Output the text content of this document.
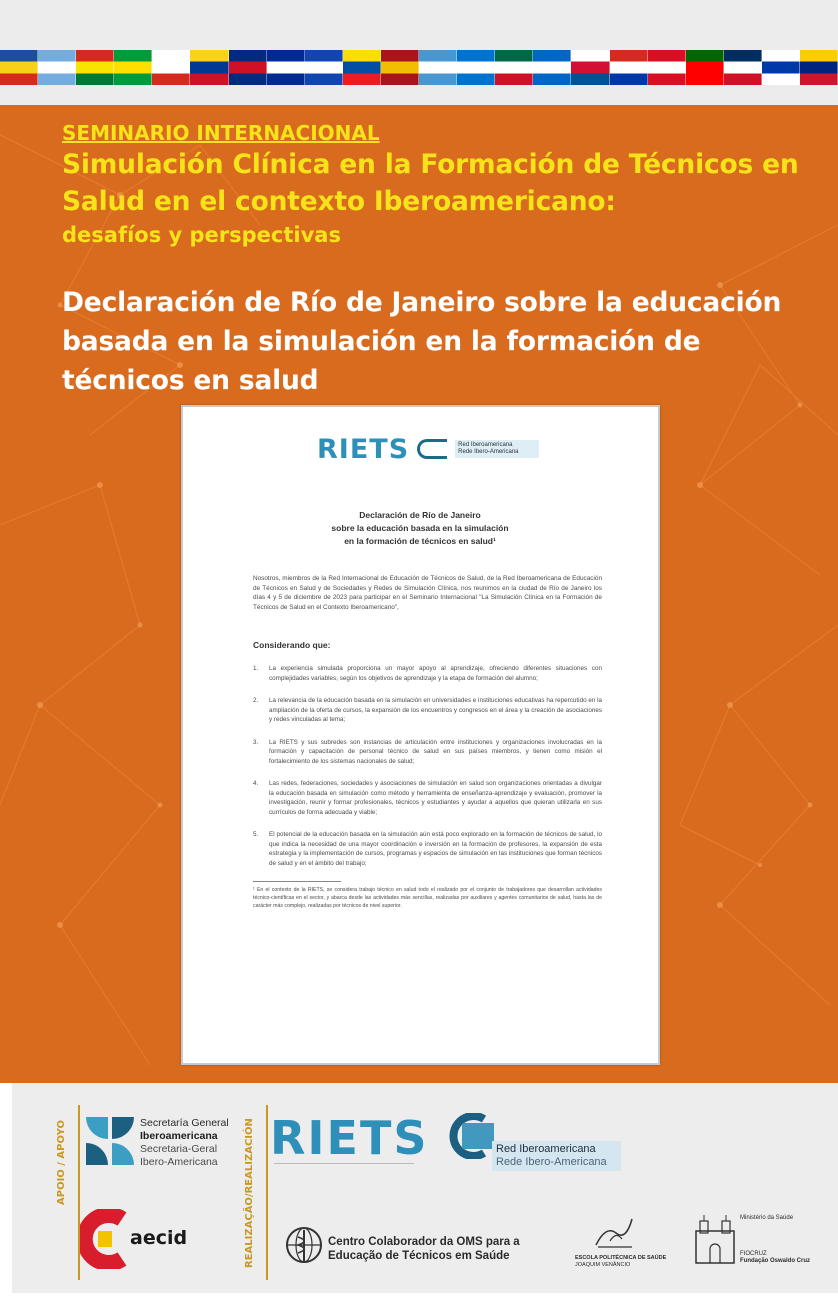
SEMINARIO INTERNACIONAL
Simulación Clínica en la Formación de Técnicos en
Salud en el contexto Iberoamericano:
desafíos y perspectivas
Declaración de Río de Janeiro sobre la educación
basada en la simulación en la formación de
técnicos en salud
RIETS	Red Iberoamericana
Rede Ibero-Americana
Declaración de Río de Janeiro
sobre la educación basada en la simulación
en la formación de técnicos en salud¹

Nosotros, miembros de la Red Internacional de Educación de Técnicos de Salud, de la Red Iberoamericana de Educación de Técnicos en Salud y de Sociedades y Redes de Simulación Clínica, nos reunimos en la ciudad de Río de Janeiro los días 4 y 5 de diciembre de 2023 para participar en el Seminario Internacional "La Simulación Clínica en la Formación de Técnicos de Salud en el Contexto Iberoamericano",

Considerando que:
1.	La experiencia simulada proporciona un mayor apoyo al aprendizaje, ofreciendo diferentes situaciones con complejidades variables, según los objetivos de aprendizaje y la etapa de formación del alumno;
2.	La relevancia de la educación basada en la simulación en universidades e instituciones educativas ha repercutido en la ampliación de la oferta de cursos, la expansión de los encuentros y congresos en el área y la creación de asociaciones y redes vinculadas al tema;
3.	La RIETS y sus subredes son instancias de articulación entre instituciones y organizaciones involucradas en la formación y capacitación de personal técnico de salud en sus países miembros, y tienen como misión el fortalecimiento de los sistemas nacionales de salud;
4.	Las redes, federaciones, sociedades y asociaciones de simulación en salud son organizaciones orientadas a divulgar la educación basada en simulación como método y herramienta de enseñanza-aprendizaje y evaluación, promover la investigación, reunir y formar profesionales, técnicos y estudiantes y ayudar a aquellos que quieran utilizarla en sus currículos de forma adecuada y viable;
5.	El potencial de la educación basada en la simulación aún está poco explorado en la formación de técnicos de salud, lo que indica la necesidad de una mayor coordinación e inversión en la formación de profesores, la expansión de esta estrategia y la implementación de cursos, programas y espacios de simulación en las instituciones que forman técnicos de salud y en el ámbito del trabajo;

¹ En el contexto de la RIETS, se considera trabajo técnico en salud todo el realizado por el conjunto de trabajadores que desarrollan actividades técnico-científicas en el sector, y abarca desde las actividades más sencillas, realizadas por auxiliares y agentes comunitarios de salud, hasta las de carácter más complejo, realizadas por técnicos de nivel superior.

APOIO / APOYO	Secretaría General
Iberoamericana
Secretaria-Geral
Ibero-Americana
aecid	REALIZAÇÃO/REALIZACIÓN RIETS
	Red Iberoamericana
Rede Ibero-Americana
Centro Colaborador da OMS para a
Educação de Técnicos em Saúde	ESCOLA POLITÉCNICA DE SAÚDE
JOAQUIM VENÂNCIO
Ministério da Saúde
FIOCRUZ
Fundação Oswaldo Cruz
